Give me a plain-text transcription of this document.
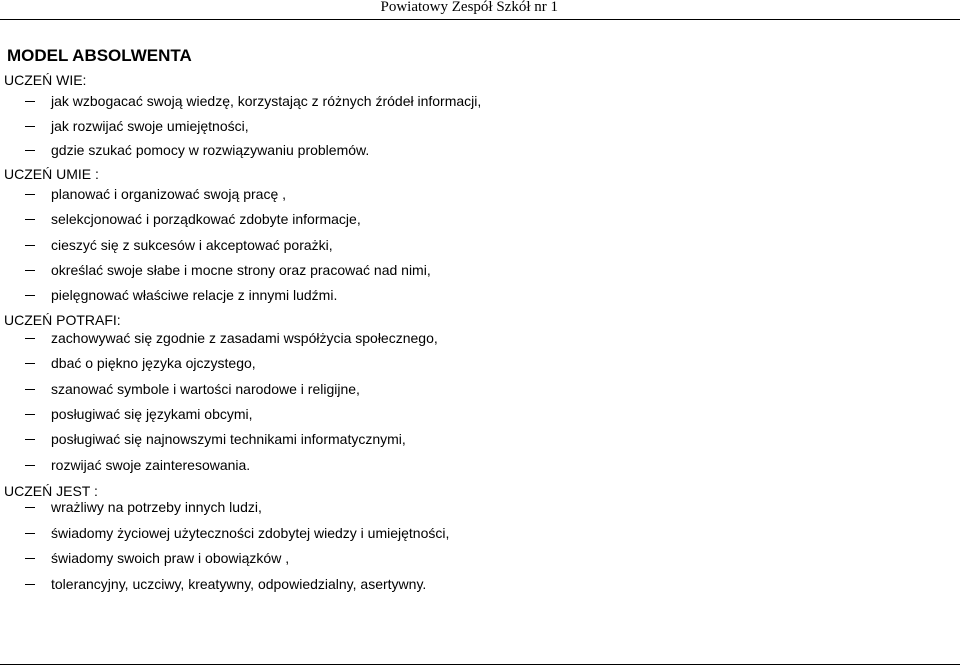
Powiatowy Zespół Szkół nr 1
MODEL ABSOLWENTA
UCZEŃ WIE:
jak wzbogacać swoją wiedzę, korzystając z różnych źródeł informacji,
jak rozwijać swoje umiejętności,
gdzie szukać pomocy w rozwiązywaniu problemów.
UCZEŃ UMIE :
planować i organizować swoją pracę ,
selekcjonować i porządkować zdobyte informacje,
cieszyć się z sukcesów i akceptować porażki,
określać swoje słabe i mocne strony oraz pracować nad nimi,
pielęgnować właściwe relacje z innymi ludźmi.
UCZEŃ POTRAFI:
zachowywać się zgodnie z zasadami współżycia społecznego,
dbać o piękno języka ojczystego,
szanować symbole i wartości narodowe i religijne,
posługiwać się językami obcymi,
posługiwać się najnowszymi technikami informatycznymi,
rozwijać swoje zainteresowania.
UCZEŃ JEST :
wrażliwy na potrzeby innych ludzi,
świadomy życiowej użyteczności zdobytej wiedzy i umiejętności,
świadomy swoich praw i obowiązków ,
tolerancyjny, uczciwy, kreatywny, odpowiedzialny, asertywny.
